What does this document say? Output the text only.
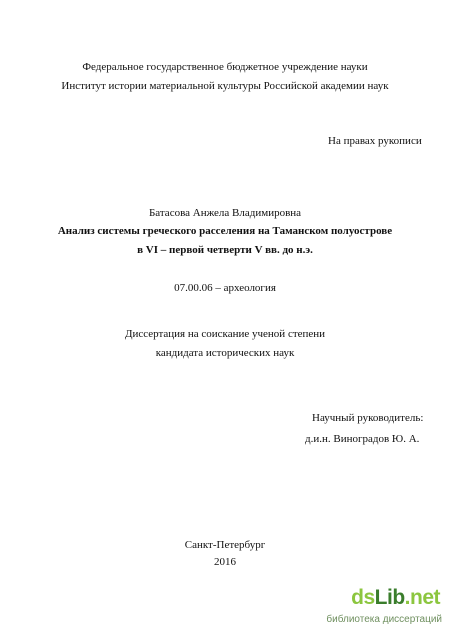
Федеральное государственное бюджетное учреждение науки
Институт истории материальной культуры Российской академии наук
На правах рукописи
Батасова Анжела Владимировна
Анализ системы греческого расселения на Таманском полуострове
в VI – первой четверти V вв. до н.э.
07.00.06 – археология
Диссертация на соискание ученой степени
кандидата исторических наук
Научный руководитель:
д.и.н. Виноградов Ю. А.
Санкт-Петербург
2016
dsLib.net
библиотека диссертаций
